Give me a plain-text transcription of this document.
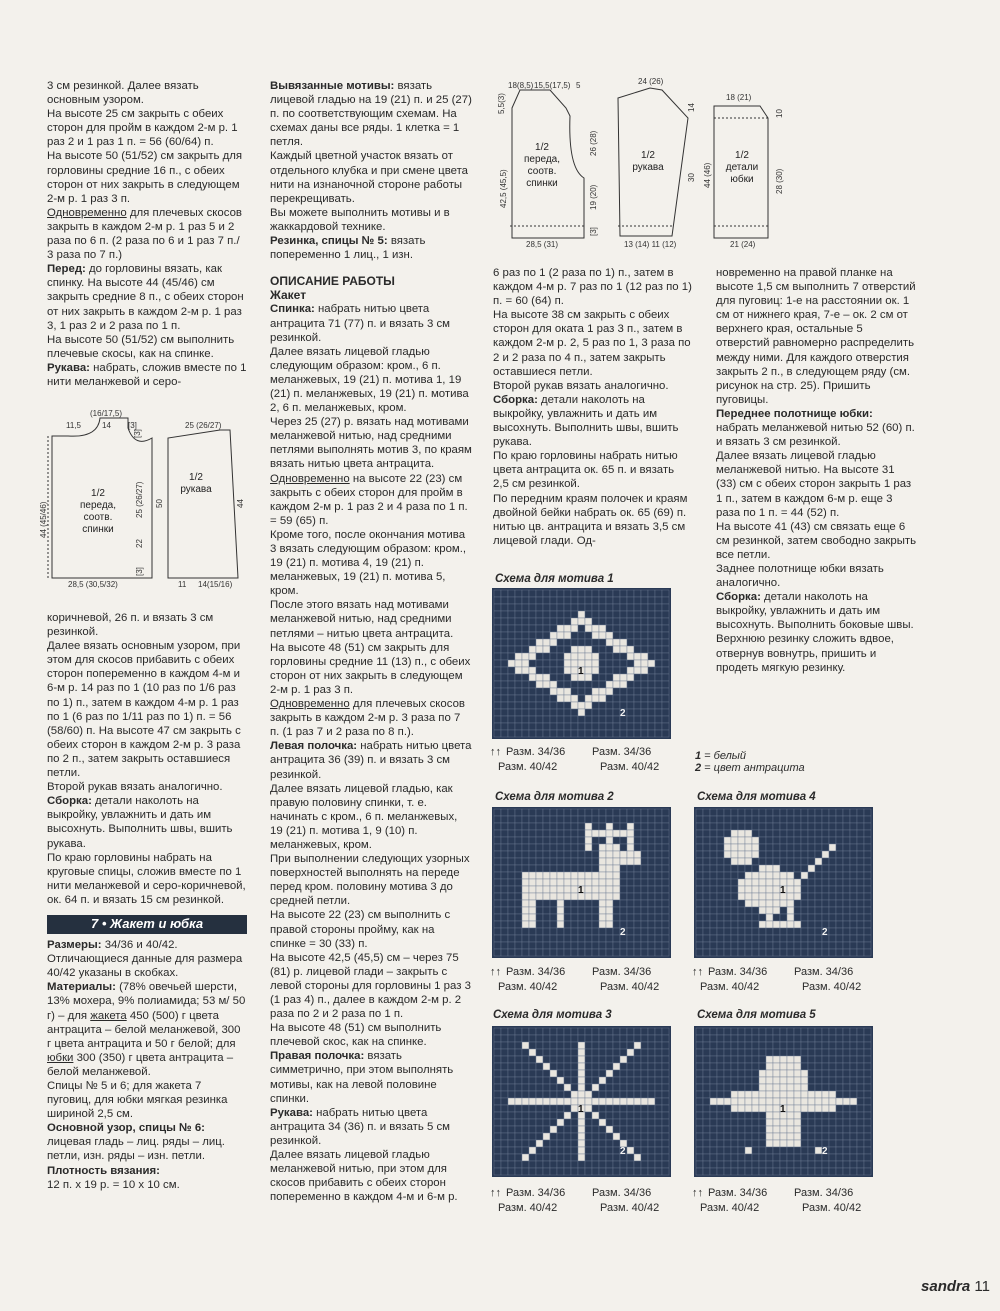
3 см резинкой. Далее вязать основным узором.

На высоте 25 см закрыть с обеих сторон для пройм в каждом 2-м р. 1 раз 2 и 1 раз 1 п. = 56 (60/64) п.

На высоте 50 (51/52) см закрыть для горловины средние 16 п., с обеих сторон от них закрыть в следующем 2-м р. 1 раз 3 п.

Одновременно для плечевых скосов закрыть в каждом 2-м р. 1 раз 5 и 2 раза по 6 п. (2 раза по 6 и 1 раз 7 п./ 3 раза по 7 п.)

Перед: до горловины вязать, как спинку. На высоте 44 (45/46) см закрыть средние 8 п., с обеих сторон от них закрыть в каждом 2-м р. 1 раз 3, 1 раз 2 и 2 раза по 1 п.

На высоте 50 (51/52) см выполнить плечевые скосы, как на спинке.

Рукава: набрать, сложив вместе по 1 нити меланжевой и серо-

11,5	14
(16/17,5)
[3]
44 (45/46)
25 (26/27)
22
[3]
[3]
28,5 (30,5/32)
25 (26/27)
44
50
11 14(15/16)
1/2
переда,
соотв.
спинки
1/2
рукава

коричневой, 26 п. и вязать 3 см резинкой.

Далее вязать основным узором, при этом для скосов прибавить с обеих сторон попеременно в каждом 4-м и 6-м р. 14 раз по 1 (10 раз по 1/6 раз по 1) п., затем в каждом 4-м р. 1 раз по 1 (6 раз по 1/11 раз по 1) п. = 56 (58/60) п. На высоте 47 см закрыть с обеих сторон в каждом 2-м р. 3 раза по 2 п., затем закрыть оставшиеся петли.

Второй рукав вязать аналогично.

Сборка: детали наколоть на выкройку, увлажнить и дать им высохнуть. Выполнить швы, вшить рукава.

По краю горловины набрать на круговые спицы, сложив вместе по 1 нити меланжевой и серо-коричневой, ок. 64 п. и вязать 15 см резинкой.

7 • Жакет и юбка

Размеры: 34/36 и 40/42.

Отличающиеся данные для размера 40/42 указаны в скобках.

Материалы: (78% овечьей шерсти, 13% мохера, 9% полиамида; 53 м/ 50 г) – для жакета 450 (500) г цвета антрацита – белой меланжевой, 300 г цвета антрацита и 50 г белой; для юбки 300 (350) г цвета антрацита – белой меланжевой.

Спицы № 5 и 6; для жакета 7 пуговиц, для юбки мягкая резинка шириной 2,5 см.

Основной узор, спицы № 6: лицевая гладь – лиц. ряды – лиц. петли, изн. ряды – изн. петли.

Плотность вязания:

12 п. x 19 р. = 10 x 10 см.

Вывязанные мотивы: вязать лицевой гладью на 19 (21) п. и 25 (27) п. по соответствующим схемам. На схемах даны все ряды. 1 клетка = 1 петля.

Каждый цветной участок вязать от отдельного клубка и при смене цвета нити на изнаночной стороне работы перекрещивать.

Вы можете выполнить мотивы и в жаккардовой технике.

Резинка, спицы № 5: вязать попеременно 1 лиц., 1 изн.

ОПИСАНИЕ РАБОТЫ

Жакет

Спинка: набрать нитью цвета антрацита 71 (77) п. и вязать 3 см резинкой.

Далее вязать лицевой гладью следующим образом: кром., 6 п. меланжевых, 19 (21) п. мотива 1, 19 (21) п. меланжевых, 19 (21) п. мотива 2, 6 п. меланжевых, кром.

Через 25 (27) р. вязать над мотивами меланжевой нитью, над средними петлями выполнять мотив 3, по краям вязать нитью цвета антрацита.

Одновременно на высоте 22 (23) см закрыть с обеих сторон для пройм в каждом 2-м р. 1 раз 2 и 4 раза по 1 п. = 59 (65) п.

Кроме того, после окончания мотива 3 вязать следующим образом: кром., 19 (21) п. мотива 4, 19 (21) п. меланжевых, 19 (21) п. мотива 5, кром.

После этого вязать над мотивами меланжевой нитью, над средними петлями – нитью цвета антрацита.

На высоте 48 (51) см закрыть для горловины средние 11 (13) п., с обеих сторон от них закрыть в следующем 2-м р. 1 раз 3 п.

Одновременно для плечевых скосов закрыть в каждом 2-м р. 3 раза по 7 п. (1 раз 7 и 2 раза по 8 п.).

Левая полочка: набрать нитью цвета антрацита 36 (39) п. и вязать 3 см резинкой.

Далее вязать лицевой гладью, как правую половину спинки, т. е. начинать с кром., 6 п. меланжевых, 19 (21) п. мотива 1, 9 (10) п. меланжевых, кром.

При выполнении следующих узорных поверхностей выполнять на переде перед кром. половину мотива 3 до средней петли.

На высоте 22 (23) см выполнить с правой стороны пройму, как на спинке = 30 (33) п.

На высоте 42,5 (45,5) см – через 75 (81) р. лицевой глади – закрыть с левой стороны для горловины 1 раз 3 (1 раз 4) п., далее в каждом 2-м р. 2 раза по 2 и 2 раза по 1 п.

На высоте 48 (51) см выполнить плечевой скос, как на спинке.

Правая полочка: вязать симметрично, при этом выполнять мотивы, как на левой половине спинки.

Рукава: набрать нитью цвета антрацита 34 (36) п. и вязать 5 см резинкой.

Далее вязать лицевой гладью меланжевой нитью, при этом для скосов прибавить с обеих сторон попеременно в каждом 4-м и 6-м р.

18(8,5) 15,5(17,5) 5
42,5 (45,5)
5,5(3)
26 (28)
19 (20)
[3]
28,5 (31)
24 (26)
30
14
13 (14) 11 (12)
18 (21)
44 (46)	28 (30)
10
21 (24)
1/2
переда,
соотв.
спинки
1/2
рукава
1/2
детали
юбки

6 раз по 1 (2 раза по 1) п., затем в каждом 4-м р. 7 раз по 1 (12 раз по 1) п. = 60 (64) п.

На высоте 38 см закрыть с обеих сторон для оката 1 раз 3 п., затем в каждом 2-м р. 2, 5 раз по 1, 3 раза по 2 и 2 раза по 4 п., затем закрыть оставшиеся петли.

Второй рукав вязать аналогично.

Сборка: детали наколоть на выкройку, увлажнить и дать им высохнуть. Выполнить швы, вшить рукава.

По краю горловины набрать нитью цвета антрацита ок. 65 п. и вязать 2,5 см резинкой.

По передним краям полочек и краям двойной бейки набрать ок. 65 (69) п. нитью цв. антрацита и вязать 3,5 см лицевой глади. Од-

новременно на правой планке на высоте 1,5 см выполнить 7 отверстий для пуговиц: 1-е на расстоянии ок. 1 см от нижнего края, 7-е – ок. 2 см от верхнего края, остальные 5 отверстий равномерно распределить между ними. Для каждого отверстия закрыть 2 п., в следующем ряду (см. рисунок на стр. 25). Пришить пуговицы.

Переднее полотнище юбки: набрать меланжевой нитью 52 (60) п. и вязать 3 см резинкой.

Далее вязать лицевой гладью меланжевой нитью. На высоте 31 (33) см с обеих сторон закрыть 1 раз 1 п., затем в каждом 6-м р. еще 3 раза по 1 п. = 44 (52) п.

На высоте 41 (43) см связать еще 6 см резинкой, затем свободно закрыть все петли.

Заднее полотнище юбки вязать аналогично.

Сборка: детали наколоть на выкройку, увлажнить и дать им высохнуть. Выполнить боковые швы.

Верхнюю резинку сложить вдвое, отвернув вовнутрь, пришить и продеть мягкую резинку.

Схема для мотива 1
Схема для мотива 2
Схема для мотива 3
Схема для мотива 4
Схема для мотива 5
1
2
1
2
1
2
1
2
1
2
↑↑ Разм. 34/36
Разм. 40/42
Разм. 34/36
Разм. 40/42
↑↑ Разм. 34/36
Разм. 40/42
Разм. 34/36
Разм. 40/42
↑↑ Разм. 34/36
Разм. 40/42
Разм. 34/36
Разм. 40/42
↑↑ Разм. 34/36
Разм. 40/42
Разм. 34/36
Разм. 40/42
↑↑ Разм. 34/36
Разм. 40/42
Разм. 34/36
Разм. 40/42
1 = белый
2 = цвет антрацита
sandra 11
